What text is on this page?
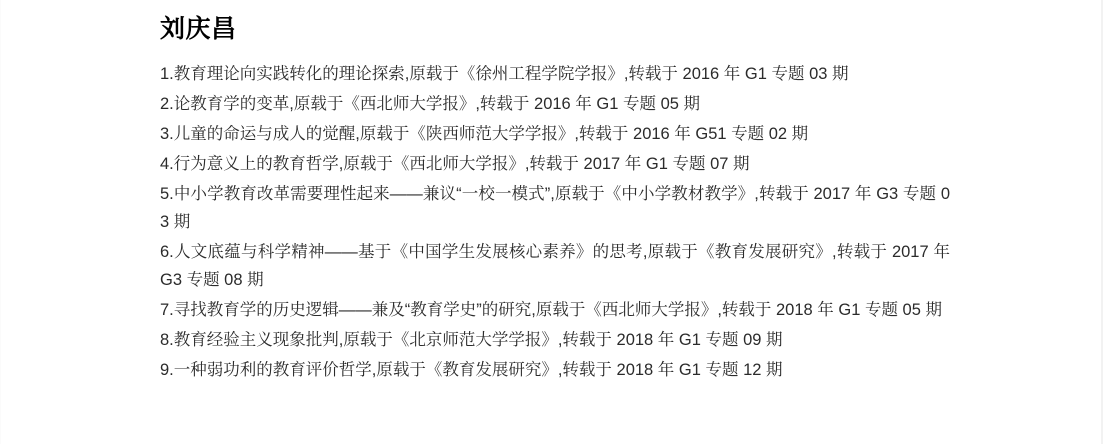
刘庆昌
1.教育理论向实践转化的理论探索,原载于《徐州工程学院学报》,转载于 2016 年 G1 专题 03 期
2.论教育学的变革,原载于《西北师大学报》,转载于 2016 年 G1 专题 05 期
3.儿童的命运与成人的觉醒,原载于《陕西师范大学学报》,转载于 2016 年 G51 专题 02 期
4.行为意义上的教育哲学,原载于《西北师大学报》,转载于 2017 年 G1 专题 07 期
5.中小学教育改革需要理性起来——兼议“一校一模式”,原载于《中小学教材教学》,转载于 2017 年 G3 专题 03 期
6.人文底蕴与科学精神——基于《中国学生发展核心素养》的思考,原载于《教育发展研究》,转载于 2017 年 G3 专题 08 期
7.寻找教育学的历史逻辑——兼及“教育学史”的研究,原载于《西北师大学报》,转载于 2018 年 G1 专题 05 期
8.教育经验主义现象批判,原载于《北京师范大学学报》,转载于 2018 年 G1 专题 09 期
9.一种弱功利的教育评价哲学,原载于《教育发展研究》,转载于 2018 年 G1 专题 12 期
